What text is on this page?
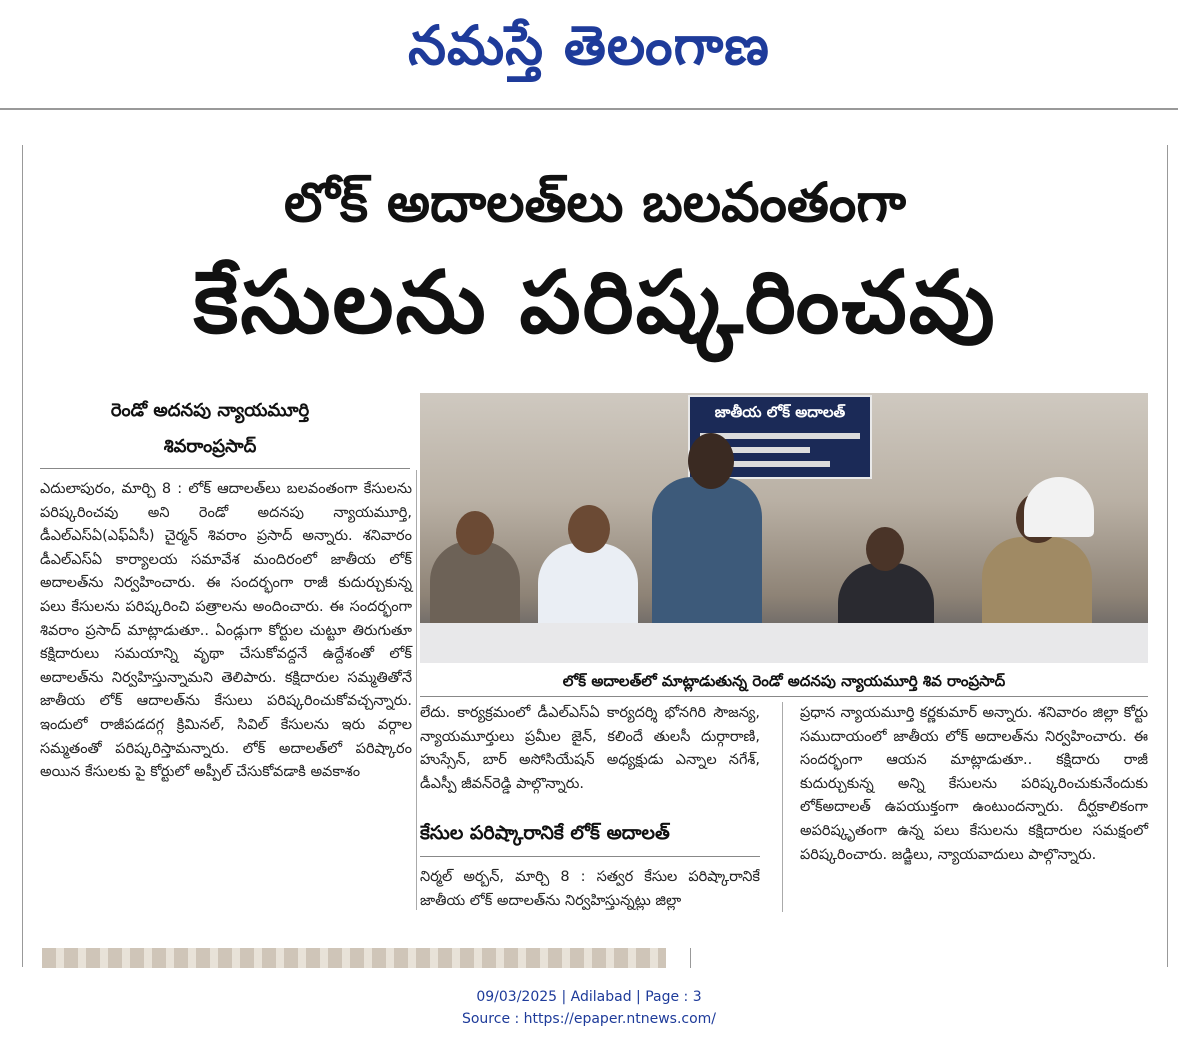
నమస్తే తెలంగాణ
లోక్ అదాలత్‌లు బలవంతంగా
కేసులను పరిష్కరించవు
రెండో అదనపు న్యాయమూర్తి
శివరాంప్రసాద్

ఎదులాపురం, మార్చి 8 : లోక్ ఆదాలత్‌లు బలవంతంగా కేసులను పరిష్కరించవు అని రెండో అదనపు న్యాయమూర్తి, డీఎల్ఎస్ఏ(ఎఫ్ఏసీ) చైర్మన్ శివరాం ప్రసాద్ అన్నారు. శనివారం డీఎల్ఎస్ఏ కార్యాలయ సమావేశ మందిరంలో జాతీయ లోక్ అదాలత్‌ను నిర్వహించారు. ఈ సందర్భంగా రాజీ కుదుర్చుకున్న పలు కేసులను పరిష్కరించి పత్రాలను అందించారు. ఈ సందర్భంగా శివరాం ప్రసాద్ మాట్లాడుతూ.. ఏండ్లుగా కోర్టుల చుట్టూ తిరుగుతూ కక్షిదారులు సమయాన్ని వృథా చేసుకోవద్దనే ఉద్దేశంతో లోక్ అదాలత్‌ను నిర్వహిస్తున్నామని తెలిపారు. కక్షిదారుల సమ్మతితోనే జాతీయ లోక్ ఆదాలత్‌ను కేసులు పరిష్కరించుకోవచ్చన్నారు. ఇందులో రాజీపడదగ్గ క్రిమినల్, సివిల్ కేసులను ఇరు వర్గాల సమ్మతంతో పరిష్కరిస్తామన్నారు. లోక్ అదాలత్‌లో పరిష్కారం అయిన కేసులకు పై కోర్టులో అప్పీల్ చేసుకోవడాకి అవకాశం

జాతీయ లోక్ అదాలత్
లోక్ అదాలత్‌లో మాట్లాడుతున్న రెండో అదనపు న్యాయమూర్తి శివ రాంప్రసాద్

లేదు. కార్యక్రమంలో డీఎల్ఎస్ఏ కార్యదర్శి భోనగిరి సౌజన్య, న్యాయమూర్తులు ప్రమీల జైన్, కలిందే తులసీ దుర్గారాణి, హుస్సేన్, బార్ అసోసియేషన్ అధ్యక్షుడు ఎన్నాల నగేశ్, డీఎస్పీ జీవన్‌రెడ్డి పాల్గొన్నారు.

కేసుల పరిష్కారానికే లోక్ అదాలత్

నిర్మల్ అర్బన్, మార్చి 8 : సత్వర కేసుల పరిష్కారానికే జాతీయ లోక్ అదాలత్‌ను నిర్వహిస్తున్నట్లు జిల్లా

ప్రధాన న్యాయమూర్తి కర్ణకుమార్ అన్నారు. శనివారం జిల్లా కోర్టు సముదాయంలో జాతీయ లోక్ అదాలత్‌ను నిర్వహించారు. ఈ సందర్భంగా ఆయన మాట్లాడుతూ.. కక్షిదారు రాజీ కుదుర్చుకున్న అన్ని కేసులను పరిష్కరించుకునేందుకు లోక్‌అదాలత్ ఉపయుక్తంగా ఉంటుందన్నారు. దీర్ఘకాలికంగా అపరిష్కృతంగా ఉన్న పలు కేసులను కక్షిదారుల సమక్షంలో పరిష్కరించారు. జడ్జిలు, న్యాయవాదులు పాల్గొన్నారు.

09/03/2025 | Adilabad | Page : 3
Source : https://epaper.ntnews.com/
